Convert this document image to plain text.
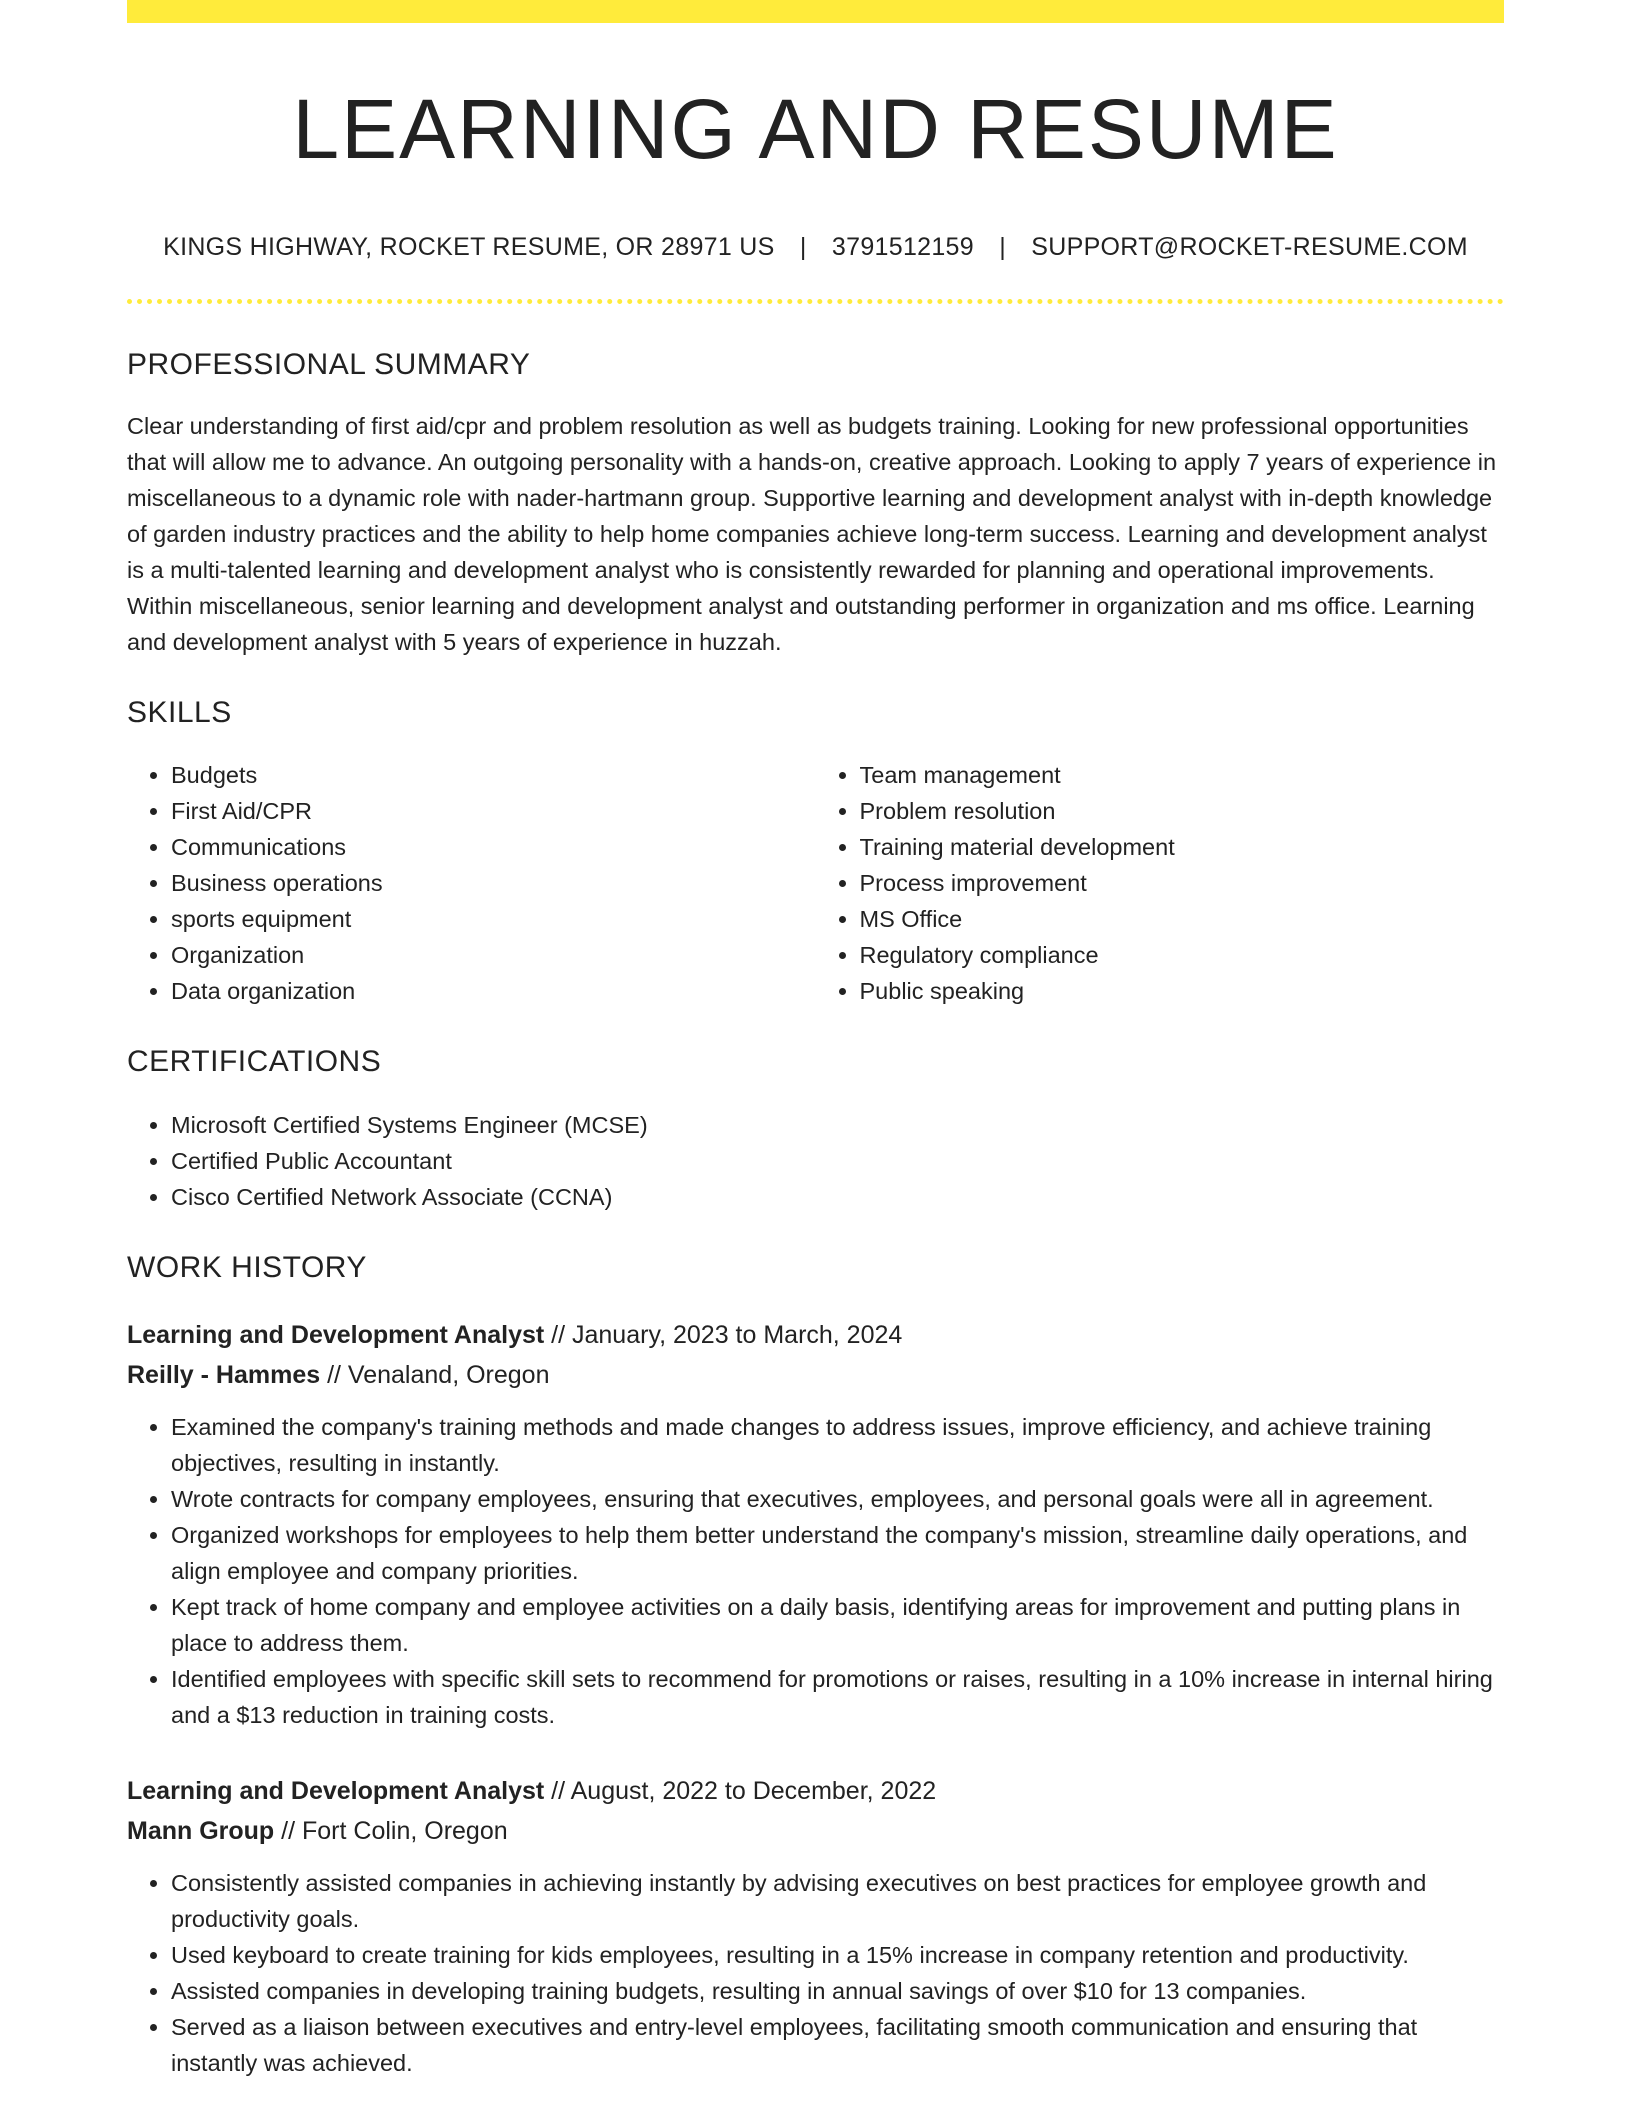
LEARNING AND RESUME
KINGS HIGHWAY, ROCKET RESUME, OR 28971 US | 3791512159 | SUPPORT@ROCKET-RESUME.COM
PROFESSIONAL SUMMARY
Clear understanding of first aid/cpr and problem resolution as well as budgets training. Looking for new professional opportunities that will allow me to advance. An outgoing personality with a hands-on, creative approach. Looking to apply 7 years of experience in miscellaneous to a dynamic role with nader-hartmann group. Supportive learning and development analyst with in-depth knowledge of garden industry practices and the ability to help home companies achieve long-term success. Learning and development analyst is a multi-talented learning and development analyst who is consistently rewarded for planning and operational improvements. Within miscellaneous, senior learning and development analyst and outstanding performer in organization and ms office. Learning and development analyst with 5 years of experience in huzzah.
SKILLS
• Budgets
• First Aid/CPR
• Communications
• Business operations
• sports equipment
• Organization
• Data organization
• Team management
• Problem resolution
• Training material development
• Process improvement
• MS Office
• Regulatory compliance
• Public speaking
CERTIFICATIONS
• Microsoft Certified Systems Engineer (MCSE)
• Certified Public Accountant
• Cisco Certified Network Associate (CCNA)
WORK HISTORY
Learning and Development Analyst // January, 2023 to March, 2024
Reilly - Hammes // Venaland, Oregon
• Examined the company's training methods and made changes to address issues, improve efficiency, and achieve training objectives, resulting in instantly.
• Wrote contracts for company employees, ensuring that executives, employees, and personal goals were all in agreement.
• Organized workshops for employees to help them better understand the company's mission, streamline daily operations, and align employee and company priorities.
• Kept track of home company and employee activities on a daily basis, identifying areas for improvement and putting plans in place to address them.
• Identified employees with specific skill sets to recommend for promotions or raises, resulting in a 10% increase in internal hiring and a $13 reduction in training costs.
Learning and Development Analyst // August, 2022 to December, 2022
Mann Group // Fort Colin, Oregon
• Consistently assisted companies in achieving instantly by advising executives on best practices for employee growth and productivity goals.
• Used keyboard to create training for kids employees, resulting in a 15% increase in company retention and productivity.
• Assisted companies in developing training budgets, resulting in annual savings of over $10 for 13 companies.
• Served as a liaison between executives and entry-level employees, facilitating smooth communication and ensuring that instantly was achieved.
